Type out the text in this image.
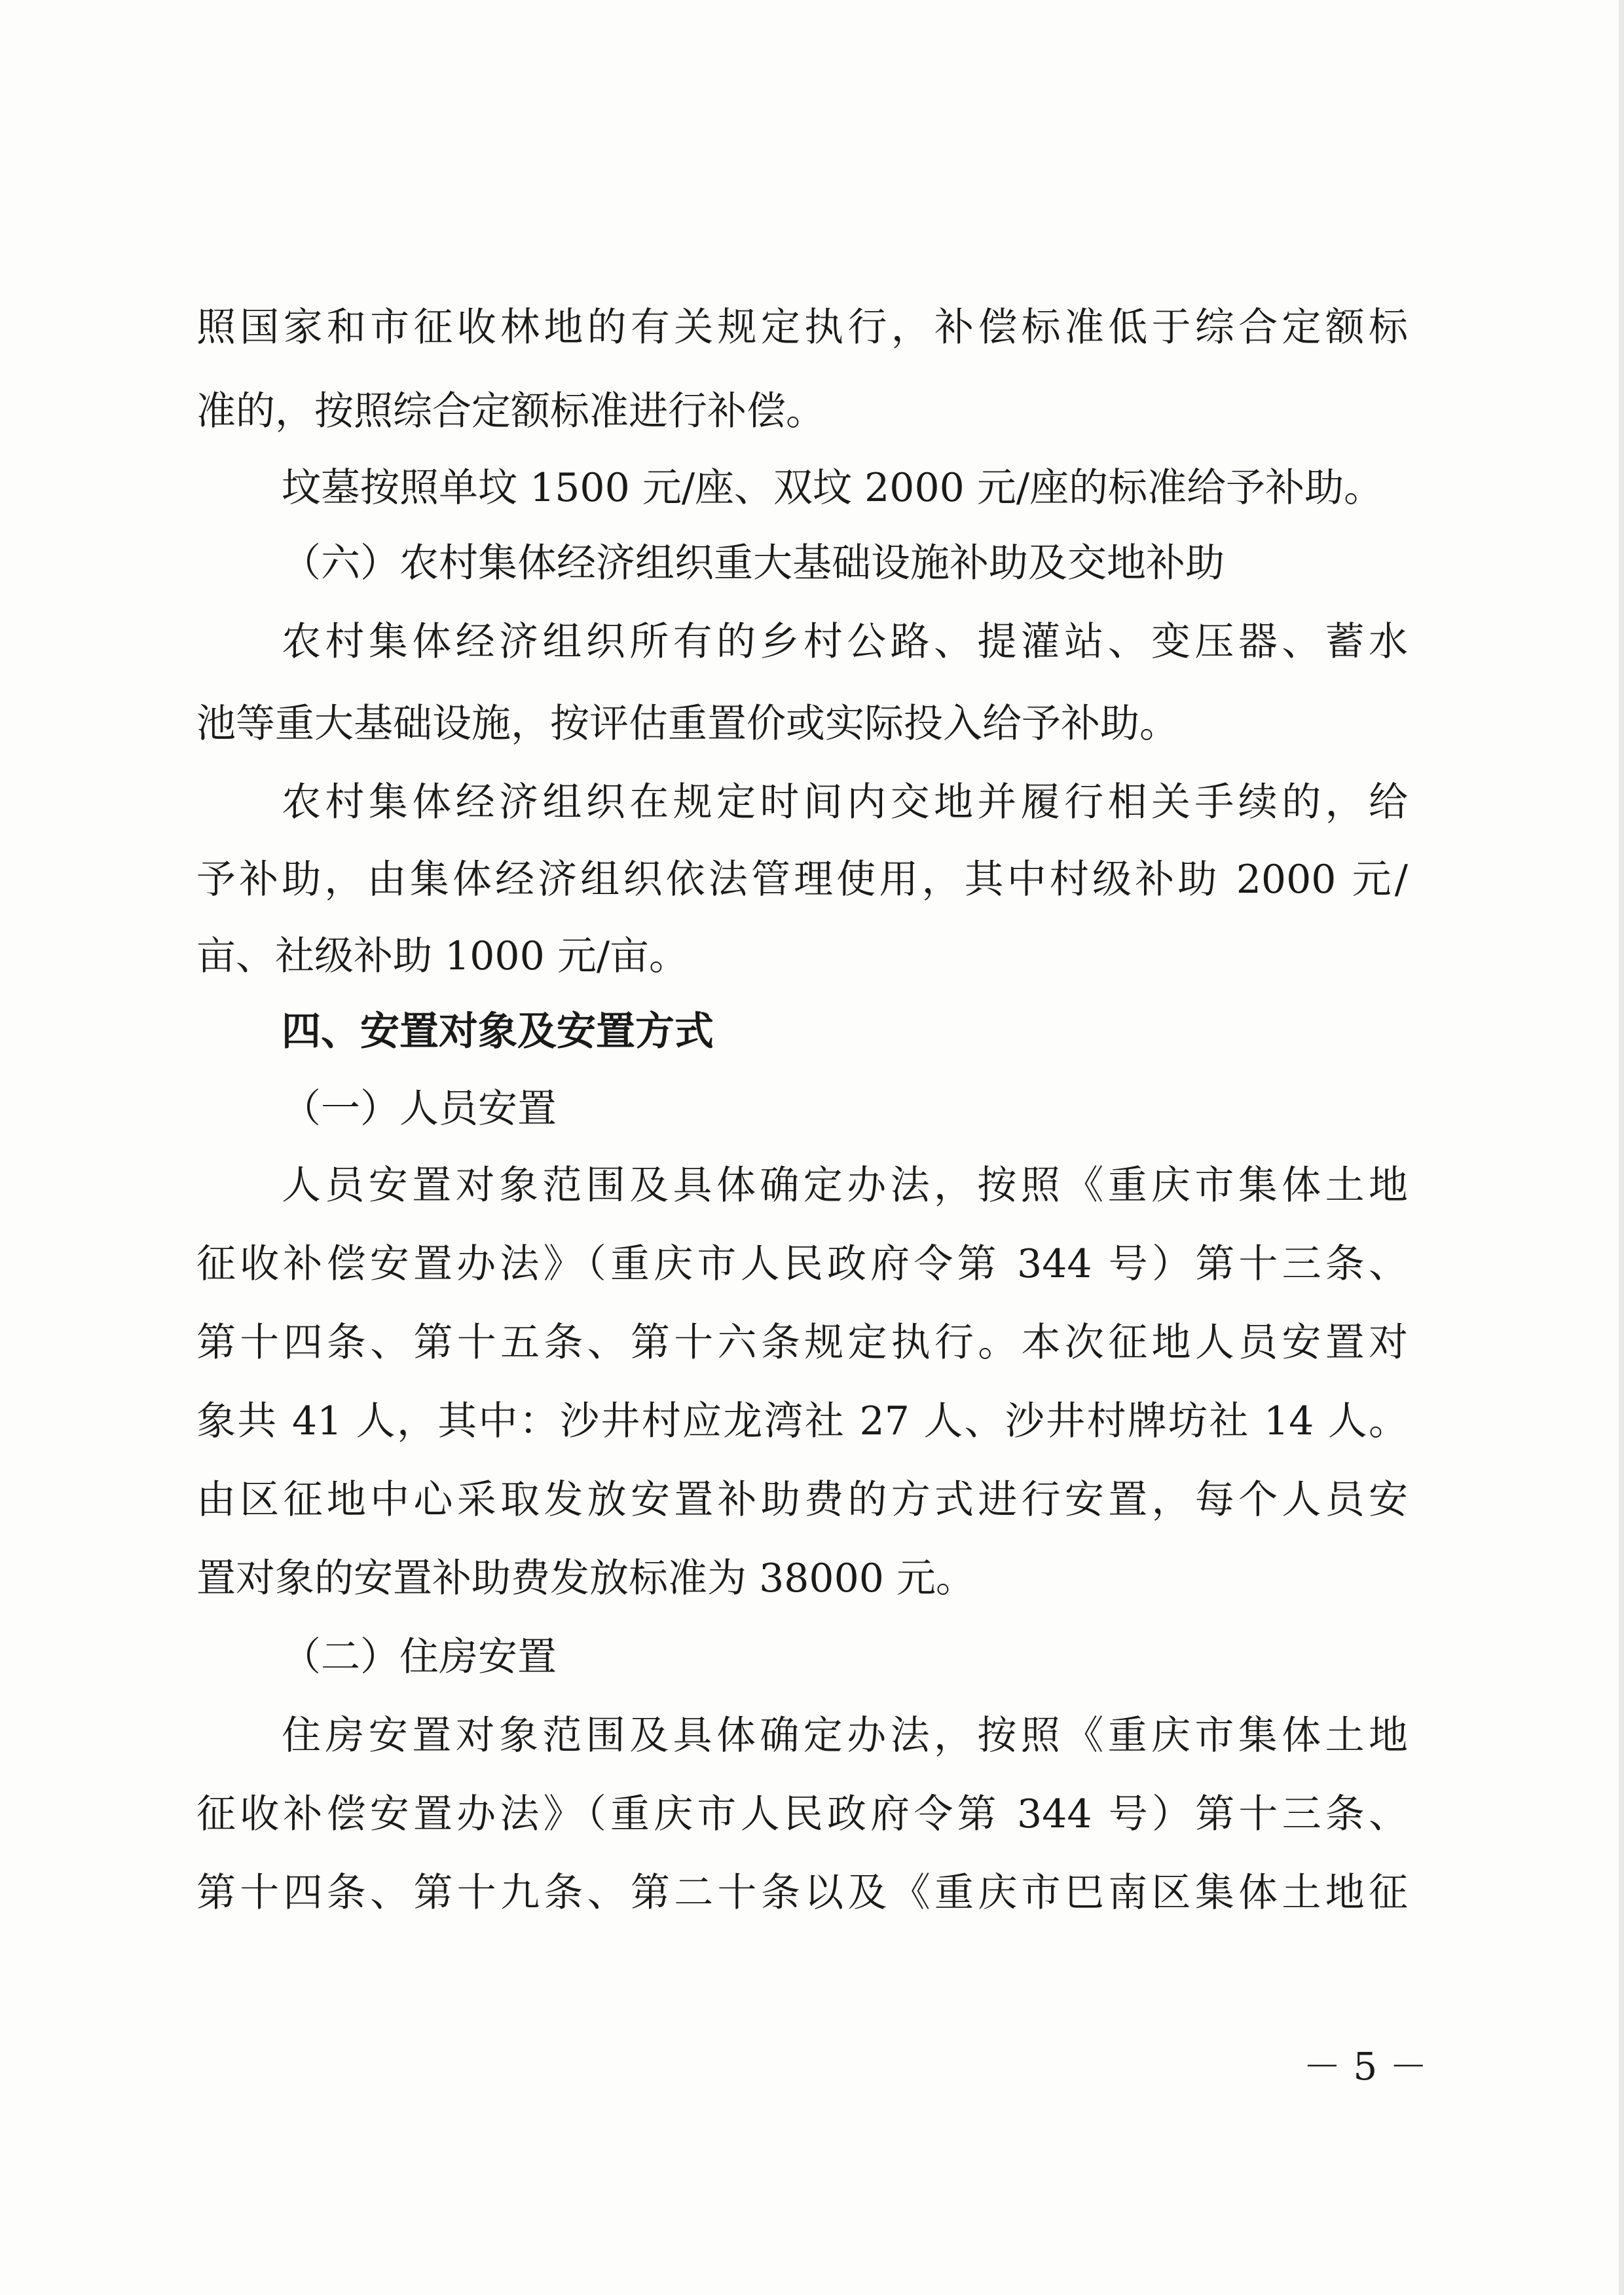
照国家和市征收林地的有关规定执行，补偿标准低于综合定额标
准的，按照综合定额标准进行补偿。
坟墓按照单坟 1500 元/座、双坟 2000 元/座的标准给予补助。
（六）农村集体经济组织重大基础设施补助及交地补助
农村集体经济组织所有的乡村公路、提灌站、变压器、蓄水
池等重大基础设施，按评估重置价或实际投入给予补助。
农村集体经济组织在规定时间内交地并履行相关手续的，给
予补助，由集体经济组织依法管理使用，其中村级补助 2000 元/
亩、社级补助 1000 元/亩。
四、安置对象及安置方式
（一）人员安置
人员安置对象范围及具体确定办法，按照《重庆市集体土地
征收补偿安置办法》（重庆市人民政府令第 344 号）第十三条、
第十四条、第十五条、第十六条规定执行。本次征地人员安置对
象共 41 人，其中：沙井村应龙湾社 27 人、沙井村牌坊社 14 人。
由区征地中心采取发放安置补助费的方式进行安置，每个人员安
置对象的安置补助费发放标准为 38000 元。
（二）住房安置
住房安置对象范围及具体确定办法，按照《重庆市集体土地
征收补偿安置办法》（重庆市人民政府令第 344 号）第十三条、
第十四条、第十九条、第二十条以及《重庆市巴南区集体土地征
－ 5 －
